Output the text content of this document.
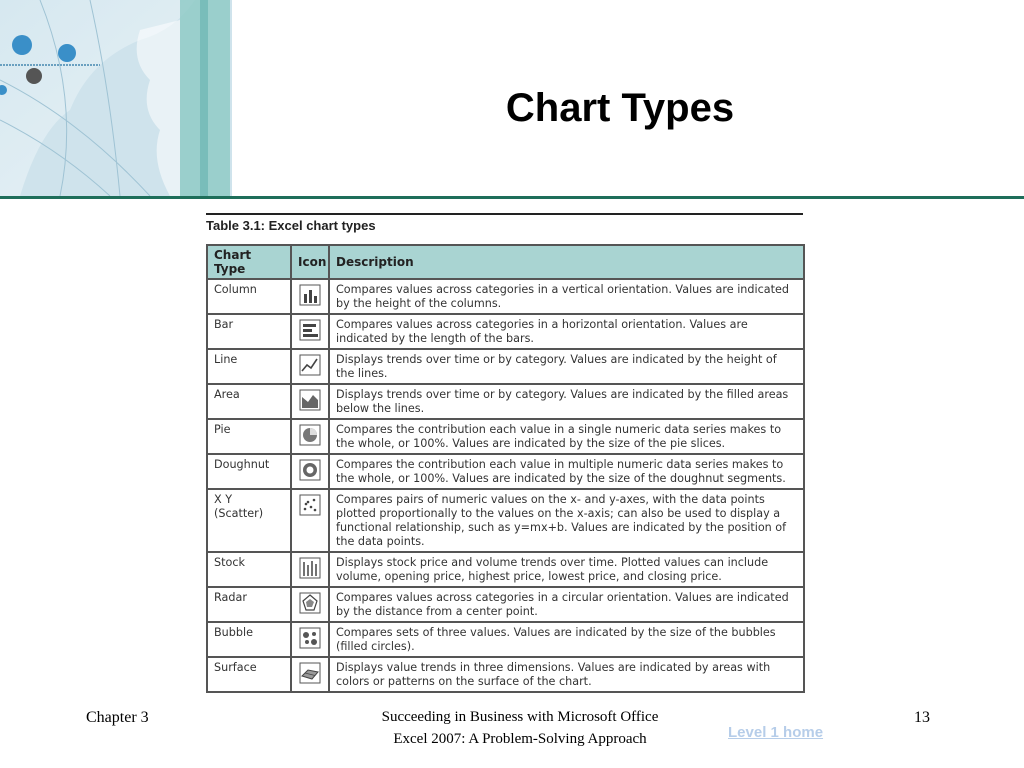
Chart Types
Table 3.1: Excel chart types
Chart Type	Icon	Description
Column		Compares values across categories in a vertical orientation. Values are indicated by the height of the columns.
Bar		Compares values across categories in a horizontal orientation. Values are indicated by the length of the bars.
Line		Displays trends over time or by category. Values are indicated by the height of the lines.
Area		Displays trends over time or by category. Values are indicated by the filled areas below the lines.
Pie		Compares the contribution each value in a single numeric data series makes to the whole, or 100%. Values are indicated by the size of the pie slices.
Doughnut		Compares the contribution each value in multiple numeric data series makes to the whole, or 100%. Values are indicated by the size of the doughnut segments.
X Y (Scatter)		Compares pairs of numeric values on the x- and y-axes, with the data points plotted proportionally to the values on the x-axis; can also be used to display a functional relationship, such as y=mx+b. Values are indicated by the position of the data points.
Stock		Displays stock price and volume trends over time. Plotted values can include volume, opening price, highest price, lowest price, and closing price.
Radar		Compares values across categories in a circular orientation. Values are indicated by the distance from a center point.
Bubble		Compares sets of three values. Values are indicated by the size of the bubbles (filled circles).
Surface		Displays value trends in three dimensions. Values are indicated by areas with colors or patterns on the surface of the chart.
Chapter 3	Succeeding in Business with Microsoft Office
Excel 2007: A Problem-Solving Approach	Level 1 home
13
